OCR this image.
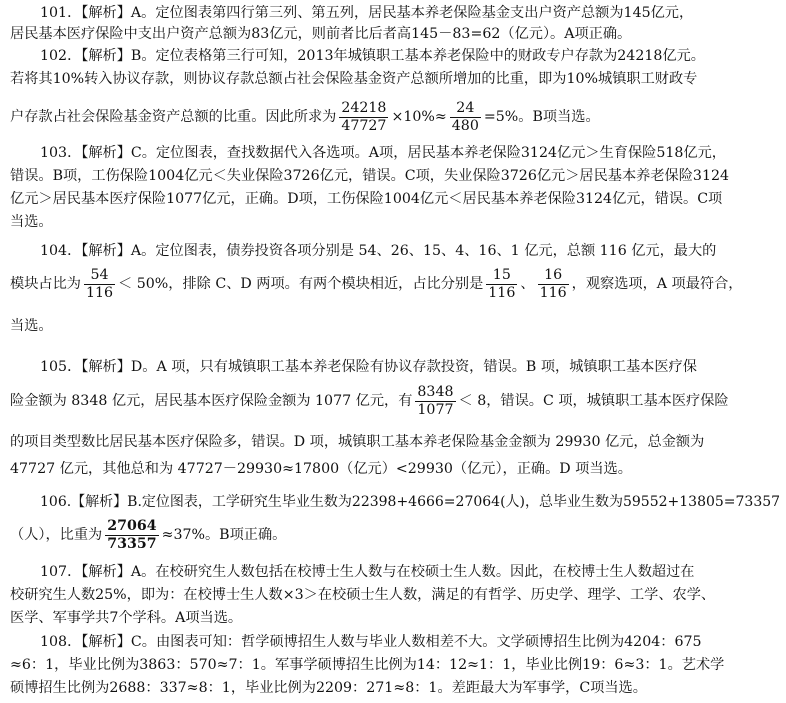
101．【解析】A。定位图表第四行第三列、第五列，居民基本养老保险基金支出户资产总额为145亿元，
居民基本医疗保险中支出户资产总额为83亿元，则前者比后者高145－83=62（亿元）。A项正确。
102．【解析】B。定位表格第三行可知，2013年城镇职工基本养老保险中的财政专户存款为24218亿元。
若将其10%转入协议存款，则协议存款总额占社会保险基金资产总额所增加的比重，即为10%城镇职工财政专
户存款占社会保险基金资产总额的比重。因此所求为 $\frac{24218}{47727} \times 10\%\approx \frac{24}{480} =5\%$。B项当选。
103．【解析】C。定位图表，查找数据代入各选项。A项，居民基本养老保险3124亿元＞生育保险518亿元，
错误。B项，工伤保险1004亿元＜失业保险3726亿元，错误。C项，失业保险3726亿元＞居民基本养老保险3124
亿元＞居民基本医疗保险1077亿元，正确。D项，工伤保险1004亿元＜居民基本养老保险3124亿元，错误。C项
当选。
104．【解析】A。定位图表，债券投资各项分别是 54、26、15、4、16、1 亿元，总额 116 亿元，最大的
模块占比为 $\frac{54}{116} < 50\%$，排除 C、D 两项。有两个模块相近，占比分别是 $\frac{15}{116}$ 、 $\frac{16}{116}$ ，观察选项，A 项最符合，
当选。
105．【解析】D。A 项，只有城镇职工基本养老保险有协议存款投资，错误。B 项，城镇职工基本医疗保
险金额为 8348 亿元，居民基本医疗保险金额为 1077 亿元，有 $\frac{8348}{1077} < 8$，错误。C 项，城镇职工基本医疗保险
的项目类型数比居民基本医疗保险多，错误。D 项，城镇职工基本养老保险基金金额为 29930 亿元，总金额为
47727 亿元，其他总和为 47727－29930≈17800（亿元）<29930（亿元），正确。D 项当选。
106.【解析】B.定位图表，工学研究生毕业生数为22398+4666=27064(人)，总毕业生数为59552+13805=73357
（人），比重为 $\frac{27064}{73357} \approx 37\%$。B项正确。
107．【解析】A。在校研究生人数包括在校博士生人数与在校硕士生人数。因此，在校博士生人数超过在
校研究生人数25%，即为：在校博士生人数×3＞在校硕士生人数，满足的有哲学、历史学、理学、工学、农学、
医学、军事学共7个学科。A项当选。
108．【解析】C。由图表可知：哲学硕博招生人数与毕业人数相差不大。文学硕博招生比例为4204：675
≈6：1，毕业比例为3863：570≈7：1。军事学硕博招生比例为14：12≈1：1，毕业比例19：6≈3：1。艺术学
硕博招生比例为2688：337≈8：1，毕业比例为2209：271≈8：1。差距最大为军事学，C项当选。
